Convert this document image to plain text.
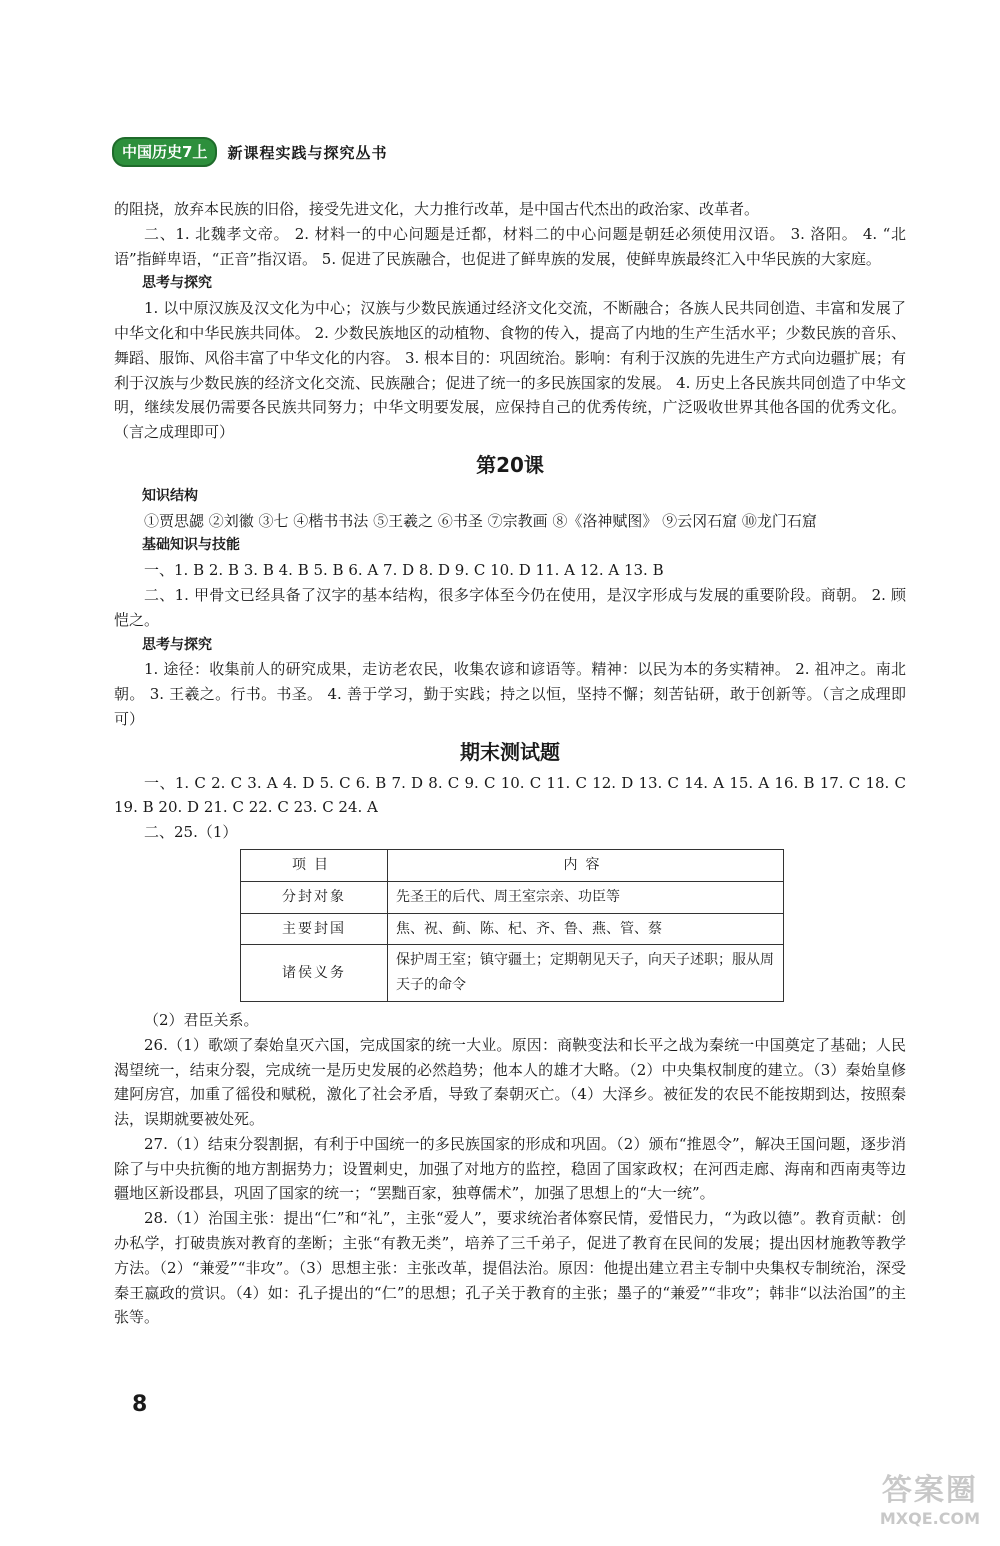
中国历史7上	新课程实践与探究丛书

的阻挠，放弃本民族的旧俗，接受先进文化，大力推行改革，是中国古代杰出的政治家、改革者。

二、1. 北魏孝文帝。 2. 材料一的中心问题是迁都，材料二的中心问题是朝廷必须使用汉语。 3. 洛阳。 4. “北语”指鲜卑语，“正音”指汉语。 5. 促进了民族融合，也促进了鲜卑族的发展，使鲜卑族最终汇入中华民族的大家庭。

思考与探究

1. 以中原汉族及汉文化为中心；汉族与少数民族通过经济文化交流，不断融合；各族人民共同创造、丰富和发展了中华文化和中华民族共同体。 2. 少数民族地区的动植物、食物的传入，提高了内地的生产生活水平；少数民族的音乐、舞蹈、服饰、风俗丰富了中华文化的内容。 3. 根本目的：巩固统治。影响：有利于汉族的先进生产方式向边疆扩展；有利于汉族与少数民族的经济文化交流、民族融合；促进了统一的多民族国家的发展。 4. 历史上各民族共同创造了中华文明，继续发展仍需要各民族共同努力；中华文明要发展，应保持自己的优秀传统，广泛吸收世界其他各国的优秀文化。（言之成理即可）

第20课

知识结构

①贾思勰 ②刘徽 ③七 ④楷书书法 ⑤王羲之 ⑥书圣 ⑦宗教画 ⑧《洛神赋图》 ⑨云冈石窟 ⑩龙门石窟

基础知识与技能

一、1. B 2. B 3. B 4. B 5. B 6. A 7. D 8. D 9. C 10. D 11. A 12. A 13. B

二、1. 甲骨文已经具备了汉字的基本结构，很多字体至今仍在使用，是汉字形成与发展的重要阶段。商朝。 2. 顾恺之。

思考与探究

1. 途径：收集前人的研究成果，走访老农民，收集农谚和谚语等。精神：以民为本的务实精神。 2. 祖冲之。南北朝。 3. 王羲之。行书。书圣。 4. 善于学习，勤于实践；持之以恒，坚持不懈；刻苦钻研，敢于创新等。（言之成理即可）

期末测试题

一、1. C 2. C 3. A 4. D 5. C 6. B 7. D 8. C 9. C 10. C 11. C 12. D 13. C 14. A 15. A 16. B 17. C 18. C 19. B 20. D 21. C 22. C 23. C 24. A

二、25.（1）

项目	内容
分封对象	先圣王的后代、周王室宗亲、功臣等
主要封国	焦、祝、蓟、陈、杞、齐、鲁、燕、管、蔡
诸侯义务	保护周王室；镇守疆土；定期朝见天子，向天子述职；服从周天子的命令

（2）君臣关系。

26.（1）歌颂了秦始皇灭六国，完成国家的统一大业。原因：商鞅变法和长平之战为秦统一中国奠定了基础；人民渴望统一，结束分裂，完成统一是历史发展的必然趋势；他本人的雄才大略。（2）中央集权制度的建立。（3）秦始皇修建阿房宫，加重了徭役和赋税，激化了社会矛盾，导致了秦朝灭亡。（4）大泽乡。被征发的农民不能按期到达，按照秦法，误期就要被处死。

27.（1）结束分裂割据，有利于中国统一的多民族国家的形成和巩固。（2）颁布“推恩令”，解决王国问题，逐步消除了与中央抗衡的地方割据势力；设置刺史，加强了对地方的监控，稳固了国家政权；在河西走廊、海南和西南夷等边疆地区新设郡县，巩固了国家的统一；“罢黜百家，独尊儒术”，加强了思想上的“大一统”。

28.（1）治国主张：提出“仁”和“礼”，主张“爱人”，要求统治者体察民情，爱惜民力，“为政以德”。教育贡献：创办私学，打破贵族对教育的垄断；主张“有教无类”，培养了三千弟子，促进了教育在民间的发展；提出因材施教等教学方法。（2）“兼爱”“非攻”。（3）思想主张：主张改革，提倡法治。原因：他提出建立君主专制中央集权专制统治，深受秦王嬴政的赏识。（4）如：孔子提出的“仁”的思想；孔子关于教育的主张；墨子的“兼爱”“非攻”；韩非“以法治国”的主张等。

8
答案圈
MXQE.COM
